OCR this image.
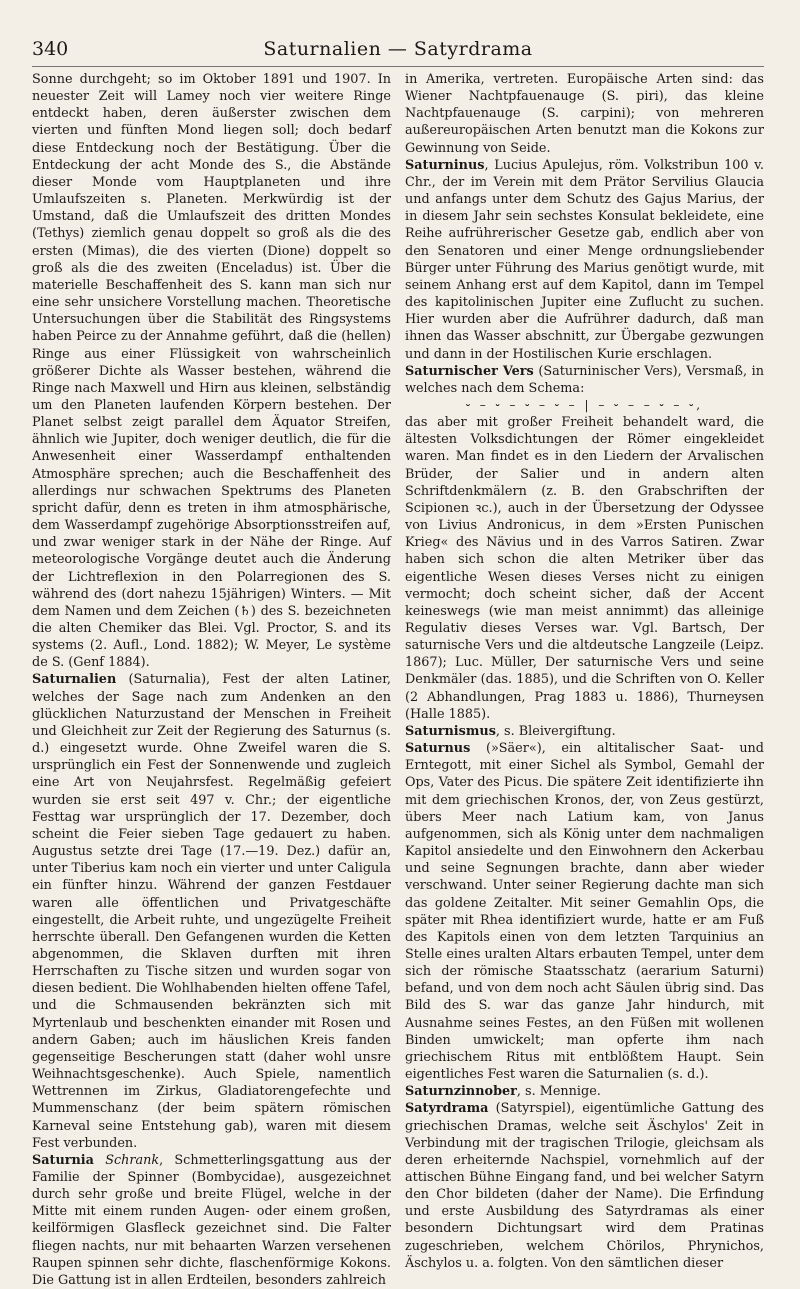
340	Saturnalien — Satyrdrama

Sonne durchgeht; so im Oktober 1891 und 1907. In neuester Zeit will Lamey noch vier weitere Ringe entdeckt haben, deren äußerster zwischen dem vierten und fünften Mond liegen soll; doch bedarf diese Entdeckung noch der Bestätigung. Über die Entdeckung der acht Monde des S., die Abstände dieser Monde vom Hauptplaneten und ihre Umlaufszeiten s. Planeten. Merkwürdig ist der Umstand, daß die Umlaufszeit des dritten Mondes (Tethys) ziemlich genau doppelt so groß als die des ersten (Mimas), die des vierten (Dione) doppelt so groß als die des zweiten (Enceladus) ist. Über die materielle Beschaffenheit des S. kann man sich nur eine sehr unsichere Vorstellung machen. Theoretische Untersuchungen über die Stabilität des Ringsystems haben Peirce zu der Annahme geführt, daß die (hellen) Ringe aus einer Flüssigkeit von wahrscheinlich größerer Dichte als Wasser bestehen, während die Ringe nach Maxwell und Hirn aus kleinen, selbständig um den Planeten laufenden Körpern bestehen. Der Planet selbst zeigt parallel dem Äquator Streifen, ähnlich wie Jupiter, doch weniger deutlich, die für die Anwesenheit einer Wasserdampf enthaltenden Atmosphäre sprechen; auch die Beschaffenheit des allerdings nur schwachen Spektrums des Planeten spricht dafür, denn es treten in ihm atmosphärische, dem Wasserdampf zugehörige Absorptionsstreifen auf, und zwar weniger stark in der Nähe der Ringe. Auf meteorologische Vorgänge deutet auch die Änderung der Lichtreflexion in den Polarregionen des S. während des (dort nahezu 15jährigen) Winters. — Mit dem Namen und dem Zeichen (♄) des S. bezeichneten die alten Chemiker das Blei. Vgl. Proctor, S. and its systems (2. Aufl., Lond. 1882); W. Meyer, Le système de S. (Genf 1884).

Saturnalien (Saturnalia), Fest der alten Latiner, welches der Sage nach zum Andenken an den glücklichen Naturzustand der Menschen in Freiheit und Gleichheit zur Zeit der Regierung des Saturnus (s. d.) eingesetzt wurde. Ohne Zweifel waren die S. ursprünglich ein Fest der Sonnenwende und zugleich eine Art von Neujahrsfest. Regelmäßig gefeiert wurden sie erst seit 497 v. Chr.; der eigentliche Festtag war ursprünglich der 17. Dezember, doch scheint die Feier sieben Tage gedauert zu haben. Augustus setzte drei Tage (17.—19. Dez.) dafür an, unter Tiberius kam noch ein vierter und unter Caligula ein fünfter hinzu. Während der ganzen Festdauer waren alle öffentlichen und Privatgeschäfte eingestellt, die Arbeit ruhte, und ungezügelte Freiheit herrschte überall. Den Gefangenen wurden die Ketten abgenommen, die Sklaven durften mit ihren Herrschaften zu Tische sitzen und wurden sogar von diesen bedient. Die Wohlhabenden hielten offene Tafel, und die Schmausenden bekränzten sich mit Myrtenlaub und beschenkten einander mit Rosen und andern Gaben; auch im häuslichen Kreis fanden gegenseitige Bescherungen statt (daher wohl unsre Weihnachtsgeschenke). Auch Spiele, namentlich Wettrennen im Zirkus, Gladiatorengefechte und Mummenschanz (der beim spätern römischen Karneval seine Entstehung gab), waren mit diesem Fest verbunden.

Saturnia Schrank, Schmetterlingsgattung aus der Familie der Spinner (Bombycidae), ausgezeichnet durch sehr große und breite Flügel, welche in der Mitte mit einem runden Augen- oder einem großen, keilförmigen Glasfleck gezeichnet sind. Die Falter fliegen nachts, nur mit behaarten Warzen versehenen Raupen spinnen sehr dichte, flaschenförmige Kokons. Die Gattung ist in allen Erdteilen, besonders zahlreich

in Amerika, vertreten. Europäische Arten sind: das Wiener Nachtpfauenauge (S. piri), das kleine Nachtpfauenauge (S. carpini); von mehreren außereuropäischen Arten benutzt man die Kokons zur Gewinnung von Seide.

Saturninus, Lucius Apulejus, röm. Volkstribun 100 v. Chr., der im Verein mit dem Prätor Servilius Glaucia und anfangs unter dem Schutz des Gajus Marius, der in diesem Jahr sein sechstes Konsulat bekleidete, eine Reihe aufrührerischer Gesetze gab, endlich aber von den Senatoren und einer Menge ordnungsliebender Bürger unter Führung des Marius genötigt wurde, mit seinem Anhang erst auf dem Kapitol, dann im Tempel des kapitolinischen Jupiter eine Zuflucht zu suchen. Hier wurden aber die Aufrührer dadurch, daß man ihnen das Wasser abschnitt, zur Übergabe gezwungen und dann in der Hostilischen Kurie erschlagen.

Saturnischer Vers (Saturninischer Vers), Versmaß, in welches nach dem Schema:

⏑ – ⏑ – ⏑ – ⏑ – | – ⏑ – – ⏑ – ⏑,

das aber mit großer Freiheit behandelt ward, die ältesten Volksdichtungen der Römer eingekleidet waren. Man findet es in den Liedern der Arvalischen Brüder, der Salier und in andern alten Schriftdenkmälern (z. B. den Grabschriften der Scipionen ꝛc.), auch in der Übersetzung der Odyssee von Livius Andronicus, in dem »Ersten Punischen Krieg« des Nävius und in des Varros Satiren. Zwar haben sich schon die alten Metriker über das eigentliche Wesen dieses Verses nicht zu einigen vermocht; doch scheint sicher, daß der Accent keineswegs (wie man meist annimmt) das alleinige Regulativ dieses Verses war. Vgl. Bartsch, Der saturnische Vers und die altdeutsche Langzeile (Leipz. 1867); Luc. Müller, Der saturnische Vers und seine Denkmäler (das. 1885), und die Schriften von O. Keller (2 Abhandlungen, Prag 1883 u. 1886), Thurneysen (Halle 1885).

Saturnismus, s. Bleivergiftung.

Saturnus (»Säer«), ein altitalischer Saat- und Erntegott, mit einer Sichel als Symbol, Gemahl der Ops, Vater des Picus. Die spätere Zeit identifizierte ihn mit dem griechischen Kronos, der, von Zeus gestürzt, übers Meer nach Latium kam, von Janus aufgenommen, sich als König unter dem nachmaligen Kapitol ansiedelte und den Einwohnern den Ackerbau und seine Segnungen brachte, dann aber wieder verschwand. Unter seiner Regierung dachte man sich das goldene Zeitalter. Mit seiner Gemahlin Ops, die später mit Rhea identifiziert wurde, hatte er am Fuß des Kapitols einen von dem letzten Tarquinius an Stelle eines uralten Altars erbauten Tempel, unter dem sich der römische Staatsschatz (aerarium Saturni) befand, und von dem noch acht Säulen übrig sind. Das Bild des S. war das ganze Jahr hindurch, mit Ausnahme seines Festes, an den Füßen mit wollenen Binden umwickelt; man opferte ihm nach griechischem Ritus mit entblößtem Haupt. Sein eigentliches Fest waren die Saturnalien (s. d.).

Saturnzinnober, s. Mennige.

Satyrdrama (Satyrspiel), eigentümliche Gattung des griechischen Dramas, welche seit Äschylos' Zeit in Verbindung mit der tragischen Trilogie, gleichsam als deren erheiternde Nachspiel, vornehmlich auf der attischen Bühne Eingang fand, und bei welcher Satyrn den Chor bildeten (daher der Name). Die Erfindung und erste Ausbildung des Satyrdramas als einer besondern Dichtungsart wird dem Pratinas zugeschrieben, welchem Chörilos, Phrynichos, Äschylos u. a. folgten. Von den sämtlichen dieser
